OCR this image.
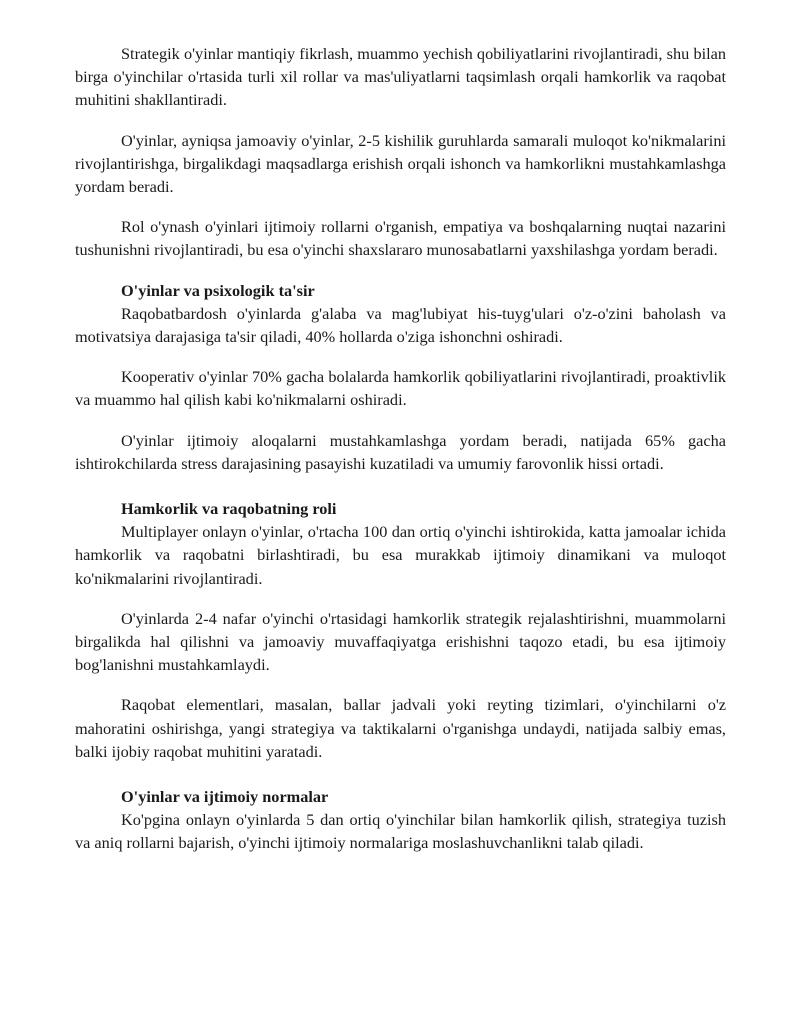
Strategik o'yinlar mantiqiy fikrlash, muammo yechish qobiliyatlarini rivojlantiradi, shu bilan birga o'yinchilar o'rtasida turli xil rollar va mas'uliyatlarni taqsimlash orqali hamkorlik va raqobat muhitini shakllantiradi.

O'yinlar, ayniqsa jamoaviy o'yinlar, 2-5 kishilik guruhlarda samarali muloqot ko'nikmalarini rivojlantirishga, birgalikdagi maqsadlarga erishish orqali ishonch va hamkorlikni mustahkamlashga yordam beradi.

Rol o'ynash o'yinlari ijtimoiy rollarni o'rganish, empatiya va boshqalarning nuqtai nazarini tushunishni rivojlantiradi, bu esa o'yinchi shaxslararo munosabatlarni yaxshilashga yordam beradi.

O'yinlar va psixologik ta'sir

Raqobatbardosh o'yinlarda g'alaba va mag'lubiyat his-tuyg'ulari o'z-o'zini baholash va motivatsiya darajasiga ta'sir qiladi, 40% hollarda o'ziga ishonchni oshiradi.

Kooperativ o'yinlar 70% gacha bolalarda hamkorlik qobiliyatlarini rivojlantiradi, proaktivlik va muammo hal qilish kabi ko'nikmalarni oshiradi.

O'yinlar ijtimoiy aloqalarni mustahkamlashga yordam beradi, natijada 65% gacha ishtirokchilarda stress darajasining pasayishi kuzatiladi va umumiy farovonlik hissi ortadi.

Hamkorlik va raqobatning roli

Multiplayer onlayn o'yinlar, o'rtacha 100 dan ortiq o'yinchi ishtirokida, katta jamoalar ichida hamkorlik va raqobatni birlashtiradi, bu esa murakkab ijtimoiy dinamikani va muloqot ko'nikmalarini rivojlantiradi.

O'yinlarda 2-4 nafar o'yinchi o'rtasidagi hamkorlik strategik rejalashtirishni, muammolarni birgalikda hal qilishni va jamoaviy muvaffaqiyatga erishishni taqozo etadi, bu esa ijtimoiy bog'lanishni mustahkamlaydi.

Raqobat elementlari, masalan, ballar jadvali yoki reyting tizimlari, o'yinchilarni o'z mahoratini oshirishga, yangi strategiya va taktikalarni o'rganishga undaydi, natijada salbiy emas, balki ijobiy raqobat muhitini yaratadi.

O'yinlar va ijtimoiy normalar

Ko'pgina onlayn o'yinlarda 5 dan ortiq o'yinchilar bilan hamkorlik qilish, strategiya tuzish va aniq rollarni bajarish, o'yinchi ijtimoiy normalariga moslashuvchanlikni talab qiladi.
